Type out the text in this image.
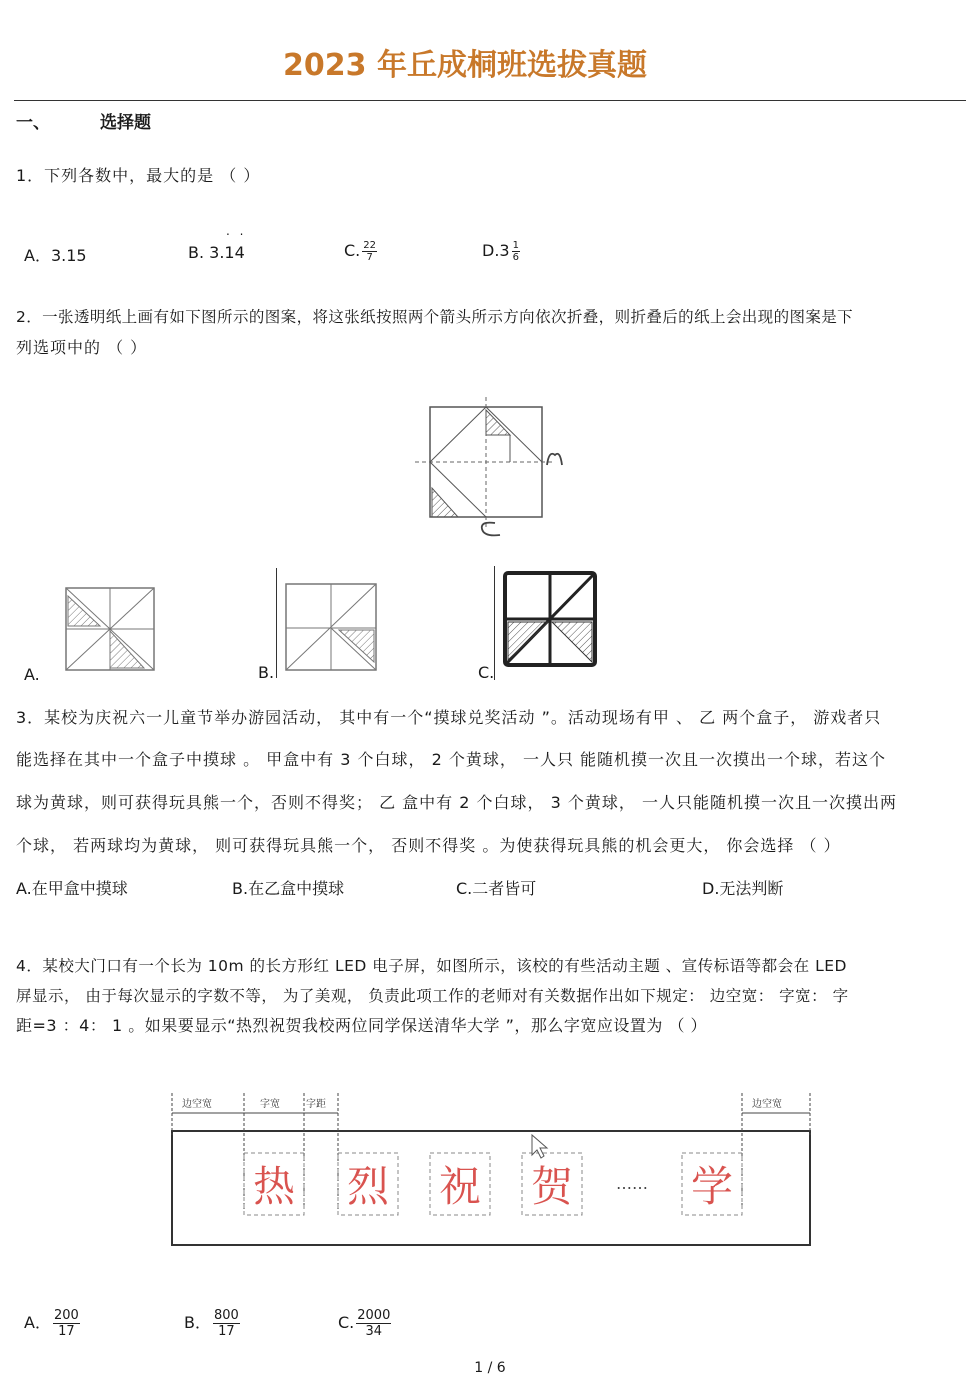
2023 年丘成桐班选拔真题
一、	选择题
1．下列各数中，最大的是 （ ）
. .
A．3.15	B. 3.14	C. $\frac{22}{7}$	$D.3 \frac{1}{6}$
2．一张透明纸上画有如下图所示的图案，将这张纸按照两个箭头所示方向依次折叠，则折叠后的纸上会出现的图案是下
列选项中的 （ ）
A.	B.	C.
3．某校为庆祝六一儿童节举办游园活动， 其中有一个“摸球兑奖活动 ”。活动现场有甲 、 乙 两个盒子， 游戏者只
能选择在其中一个盒子中摸球 。 甲盒中有 3 个白球， 2 个黄球， 一人只 能随机摸一次且一次摸出一个球，若这个
球为黄球，则可获得玩具熊一个，否则不得奖； 乙 盒中有 2 个白球， 3 个黄球， 一人只能随机摸一次且一次摸出两
个球， 若两球均为黄球， 则可获得玩具熊一个， 否则不得奖 。为使获得玩具熊的机会更大， 你会选择 （ ）
A.在甲盒中摸球	B.在乙盒中摸球	C.二者皆可	D.无法判断
4．某校大门口有一个长为 10m 的长方形红 LED 电子屏，如图所示，该校的有些活动主题 、宣传标语等都会在 LED
屏显示， 由于每次显示的字数不等， 为了美观， 负责此项工作的老师对有关数据作出如下规定： 边空宽： 字宽： 字
距=3 ：4： 1 。如果要显示“热烈祝贺我校两位同学保送清华大学 ”，那么字宽应设置为 （ ）
边空宽	字宽	字距	边空宽
热 烈 祝 贺	学
……
A． $\frac{200}{17}$	B． $\frac{800}{17}$	C. $\frac{2000}{34}$
1 / 6
